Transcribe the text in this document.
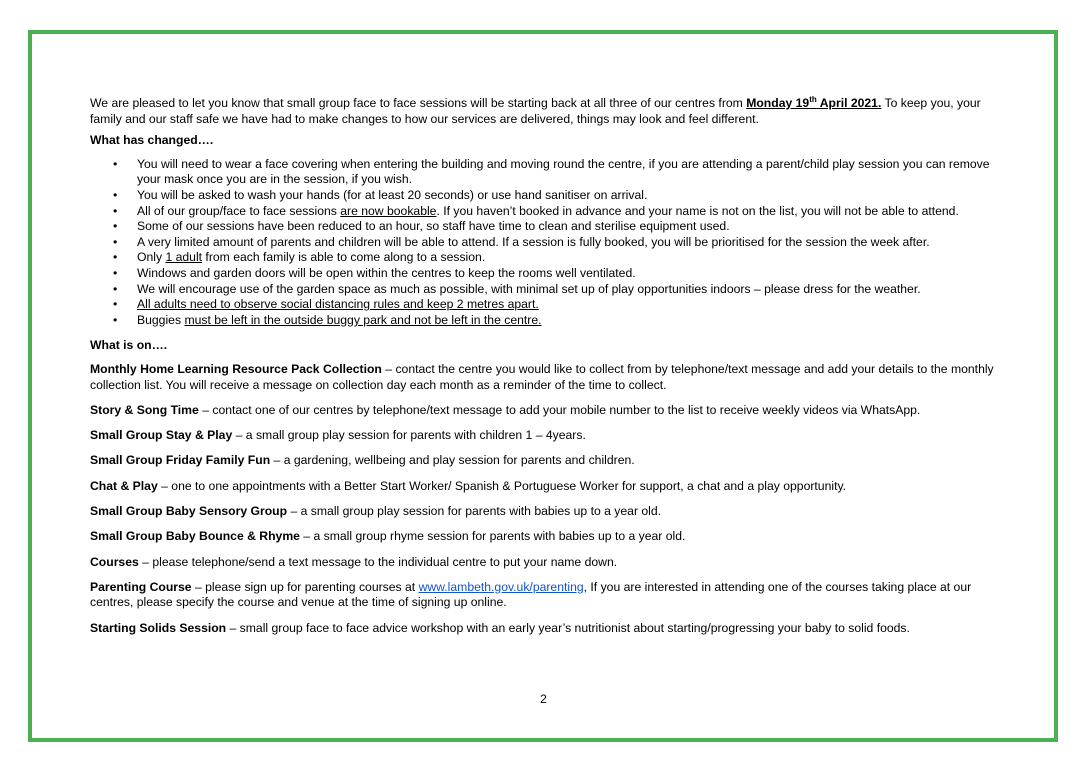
We are pleased to let you know that small group face to face sessions will be starting back at all three of our centres from Monday 19th April 2021. To keep you, your family and our staff safe we have had to make changes to how our services are delivered, things may look and feel different.

What has changed….

• You will need to wear a face covering when entering the building and moving round the centre, if you are attending a parent/child play session you can remove your mask once you are in the session, if you wish.
• You will be asked to wash your hands (for at least 20 seconds) or use hand sanitiser on arrival.
• All of our group/face to face sessions are now bookable. If you haven’t booked in advance and your name is not on the list, you will not be able to attend.
• Some of our sessions have been reduced to an hour, so staff have time to clean and sterilise equipment used.
• A very limited amount of parents and children will be able to attend. If a session is fully booked, you will be prioritised for the session the week after.
• Only 1 adult from each family is able to come along to a session.
• Windows and garden doors will be open within the centres to keep the rooms well ventilated.
• We will encourage use of the garden space as much as possible, with minimal set up of play opportunities indoors – please dress for the weather.
• All adults need to observe social distancing rules and keep 2 metres apart.
• Buggies must be left in the outside buggy park and not be left in the centre.

What is on….

Monthly Home Learning Resource Pack Collection – contact the centre you would like to collect from by telephone/text message and add your details to the monthly collection list. You will receive a message on collection day each month as a reminder of the time to collect.

Story & Song Time – contact one of our centres by telephone/text message to add your mobile number to the list to receive weekly videos via WhatsApp.

Small Group Stay & Play – a small group play session for parents with children 1 – 4years.

Small Group Friday Family Fun – a gardening, wellbeing and play session for parents and children.

Chat & Play – one to one appointments with a Better Start Worker/ Spanish & Portuguese Worker for support, a chat and a play opportunity.

Small Group Baby Sensory Group – a small group play session for parents with babies up to a year old.

Small Group Baby Bounce & Rhyme – a small group rhyme session for parents with babies up to a year old.

Courses – please telephone/send a text message to the individual centre to put your name down.

Parenting Course – please sign up for parenting courses at www.lambeth.gov.uk/parenting, If you are interested in attending one of the courses taking place at our centres, please specify the course and venue at the time of signing up online.

Starting Solids Session – small group face to face advice workshop with an early year’s nutritionist about starting/progressing your baby to solid foods.

2
